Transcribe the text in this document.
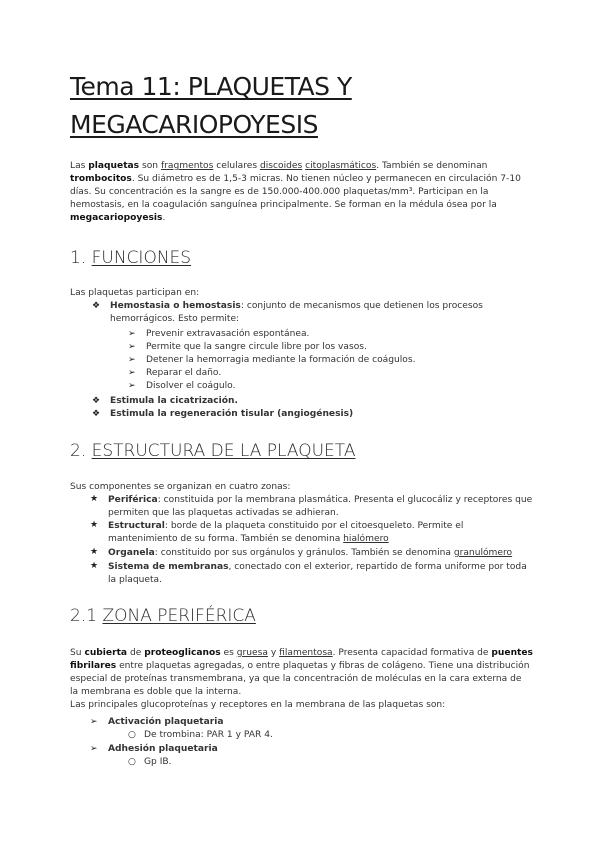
Tema 11: PLAQUETAS Y
MEGACARIOPOYESIS
Las plaquetas son fragmentos celulares discoides citoplasmáticos. También se denominan
trombocitos. Su diámetro es de 1,5-3 micras. No tienen núcleo y permanecen en circulación 7-10
días. Su concentración es la sangre es de 150.000-400.000 plaquetas/mm³. Participan en la
hemostasis, en la coagulación sanguínea principalmente. Se forman en la médula ósea por la
megacariopoyesis.
1. FUNCIONES
Las plaquetas participan en:
❖ Hemostasia o hemostasis: conjunto de mecanismos que detienen los procesos
hemorrágicos. Esto permite:
➢ Prevenir extravasación espontánea.
➢ Permite que la sangre circule libre por los vasos.
➢ Detener la hemorragia mediante la formación de coágulos.
➢ Reparar el daño.
➢ Disolver el coágulo.
❖ Estimula la cicatrización.
❖ Estimula la regeneración tisular (angiogénesis)
2. ESTRUCTURA DE LA PLAQUETA
Sus componentes se organizan en cuatro zonas:
★ Periférica: constituida por la membrana plasmática. Presenta el glucocáliz y receptores que
permiten que las plaquetas activadas se adhieran.
★ Estructural: borde de la plaqueta constituido por el citoesqueleto. Permite el
mantenimiento de su forma. También se denomina hialómero
★ Organela: constituido por sus orgánulos y gránulos. También se denomina granulómero
★ Sistema de membranas, conectado con el exterior, repartido de forma uniforme por toda
la plaqueta.
2.1 ZONA PERIFÉRICA
Su cubierta de proteoglicanos es gruesa y filamentosa. Presenta capacidad formativa de puentes
fibrilares entre plaquetas agregadas, o entre plaquetas y fibras de colágeno. Tiene una distribución
especial de proteínas transmembrana, ya que la concentración de moléculas en la cara externa de
la membrana es doble que la interna.
Las principales glucoproteínas y receptores en la membrana de las plaquetas son:
➢ Activación plaquetaria
○ De trombina: PAR 1 y PAR 4.
➢ Adhesión plaquetaria
○ Gp IB.
